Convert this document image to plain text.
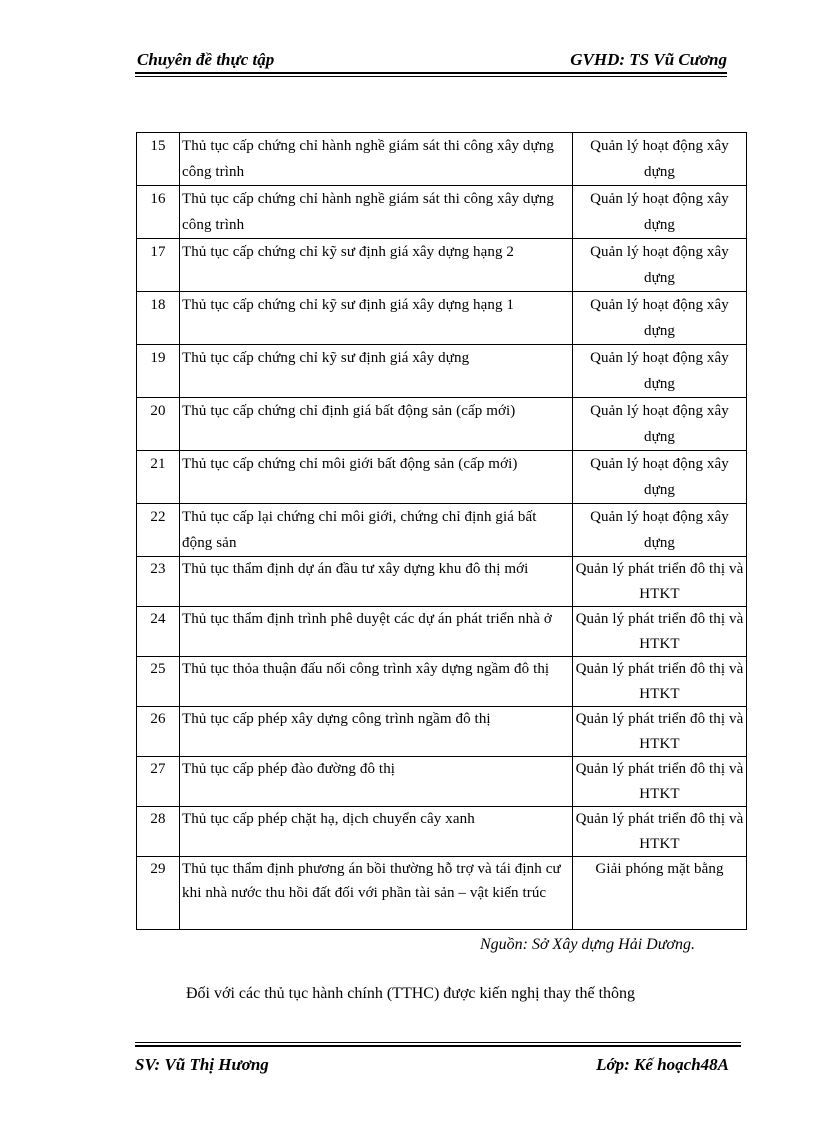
Chuyên đề thực tập	GVHD: TS Vũ Cương
15	Thủ tục cấp chứng chỉ hành nghề giám sát thi công xây dựng công trình	Quản lý hoạt động xây dựng
16	Thủ tục cấp chứng chỉ hành nghề giám sát thi công xây dựng công trình	Quản lý hoạt động xây dựng
17	Thủ tục cấp chứng chỉ kỹ sư định giá xây dựng hạng 2	Quản lý hoạt động xây dựng
18	Thủ tục cấp chứng chỉ kỹ sư định giá xây dựng hạng 1	Quản lý hoạt động xây dựng
19	Thủ tục cấp chứng chỉ kỹ sư định giá xây dựng	Quản lý hoạt động xây dựng
20	Thủ tục cấp chứng chỉ định giá bất động sản (cấp mới)	Quản lý hoạt động xây dựng
21	Thủ tục cấp chứng chỉ môi giới bất động sản (cấp mới)	Quản lý hoạt động xây dựng
22	Thủ tục cấp lại chứng chỉ môi giới, chứng chỉ định giá bất động sản	Quản lý hoạt động xây dựng
23	Thủ tục thẩm định dự án đầu tư xây dựng khu đô thị mới	Quản lý phát triển đô thị và HTKT
24	Thủ tục thẩm định trình phê duyệt các dự án phát triển nhà ở	Quản lý phát triển đô thị và HTKT
25	Thủ tục thỏa thuận đấu nối công trình xây dựng ngầm đô thị	Quản lý phát triển đô thị và HTKT
26	Thủ tục cấp phép xây dựng công trình ngầm đô thị	Quản lý phát triển đô thị và HTKT
27	Thủ tục cấp phép đào đường đô thị	Quản lý phát triển đô thị và HTKT
28	Thủ tục cấp phép chặt hạ, dịch chuyển cây xanh	Quản lý phát triển đô thị và HTKT
29	Thủ tục thẩm định phương án bồi thường hỗ trợ và tái định cư khi nhà nước thu hồi đất đối với phần tài sản – vật kiến trúc	Giải phóng mặt bằng
Nguồn: Sở Xây dựng Hải Dương.
Đối với các thủ tục hành chính (TTHC) được kiến nghị thay thế thông
SV: Vũ Thị Hương	Lớp: Kế hoạch48A
